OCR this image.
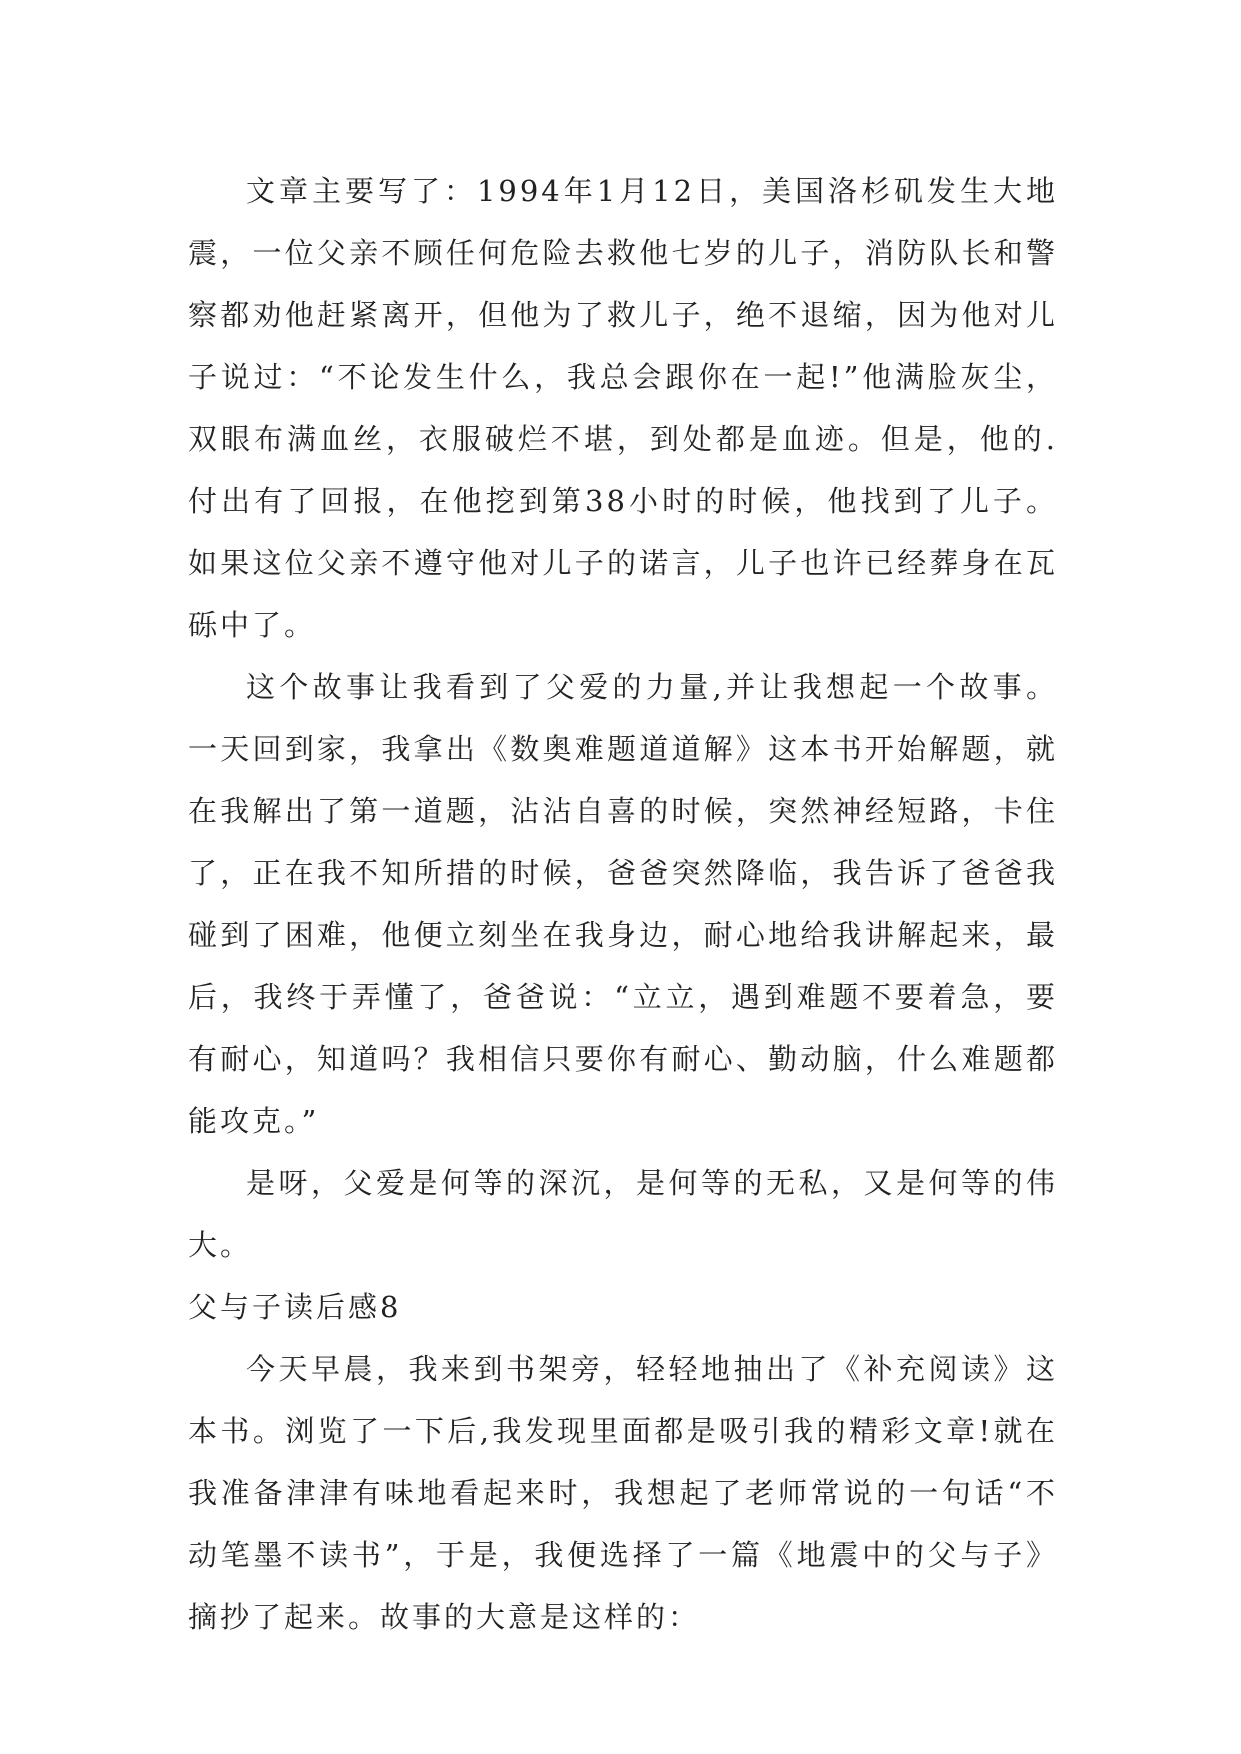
文章主要写了：1994年1月12日，美国洛杉矶发生大地震，一位父亲不顾任何危险去救他七岁的儿子，消防队长和警察都劝他赶紧离开，但他为了救儿子，绝不退缩，因为他对儿子说过：“不论发生什么，我总会跟你在一起!”他满脸灰尘，双眼布满血丝，衣服破烂不堪，到处都是血迹。但是，他的.付出有了回报，在他挖到第38小时的时候，他找到了儿子。如果这位父亲不遵守他对儿子的诺言，儿子也许已经葬身在瓦砾中了。

这个故事让我看到了父爱的力量,并让我想起一个故事。一天回到家，我拿出《数奥难题道道解》这本书开始解题，就在我解出了第一道题，沾沾自喜的时候，突然神经短路，卡住了，正在我不知所措的时候，爸爸突然降临，我告诉了爸爸我碰到了困难，他便立刻坐在我身边，耐心地给我讲解起来，最后，我终于弄懂了，爸爸说：“立立，遇到难题不要着急，要有耐心，知道吗？我相信只要你有耐心、勤动脑，什么难题都能攻克。”

是呀，父爱是何等的深沉，是何等的无私，又是何等的伟大。

父与子读后感8

今天早晨，我来到书架旁，轻轻地抽出了《补充阅读》这本书。浏览了一下后,我发现里面都是吸引我的精彩文章!就在我准备津津有味地看起来时，我想起了老师常说的一句话“不动笔墨不读书”，于是，我便选择了一篇《地震中的父与子》摘抄了起来。故事的大意是这样的：
